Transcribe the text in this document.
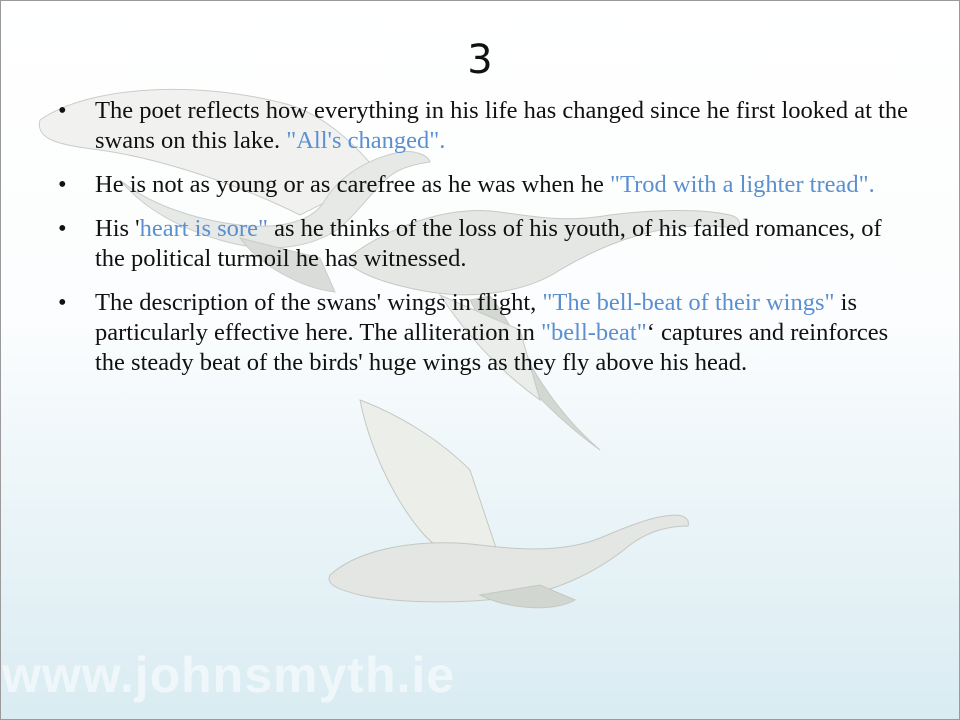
www.johnsmyth.ie
3
• The poet reflects how everything in his life has changed since he first looked at the swans on this lake. "All's changed".
• He is not as young or as carefree as he was when he "Trod with a lighter tread".
• His 'heart is sore" as he thinks of the loss of his youth, of his failed romances, of the political turmoil he has witnessed.
• The description of the swans' wings in flight, "The bell-beat of their wings" is particularly effective here. The alliteration in "bell-beat"‘ captures and reinforces the steady beat of the birds' huge wings as they fly above his head.
